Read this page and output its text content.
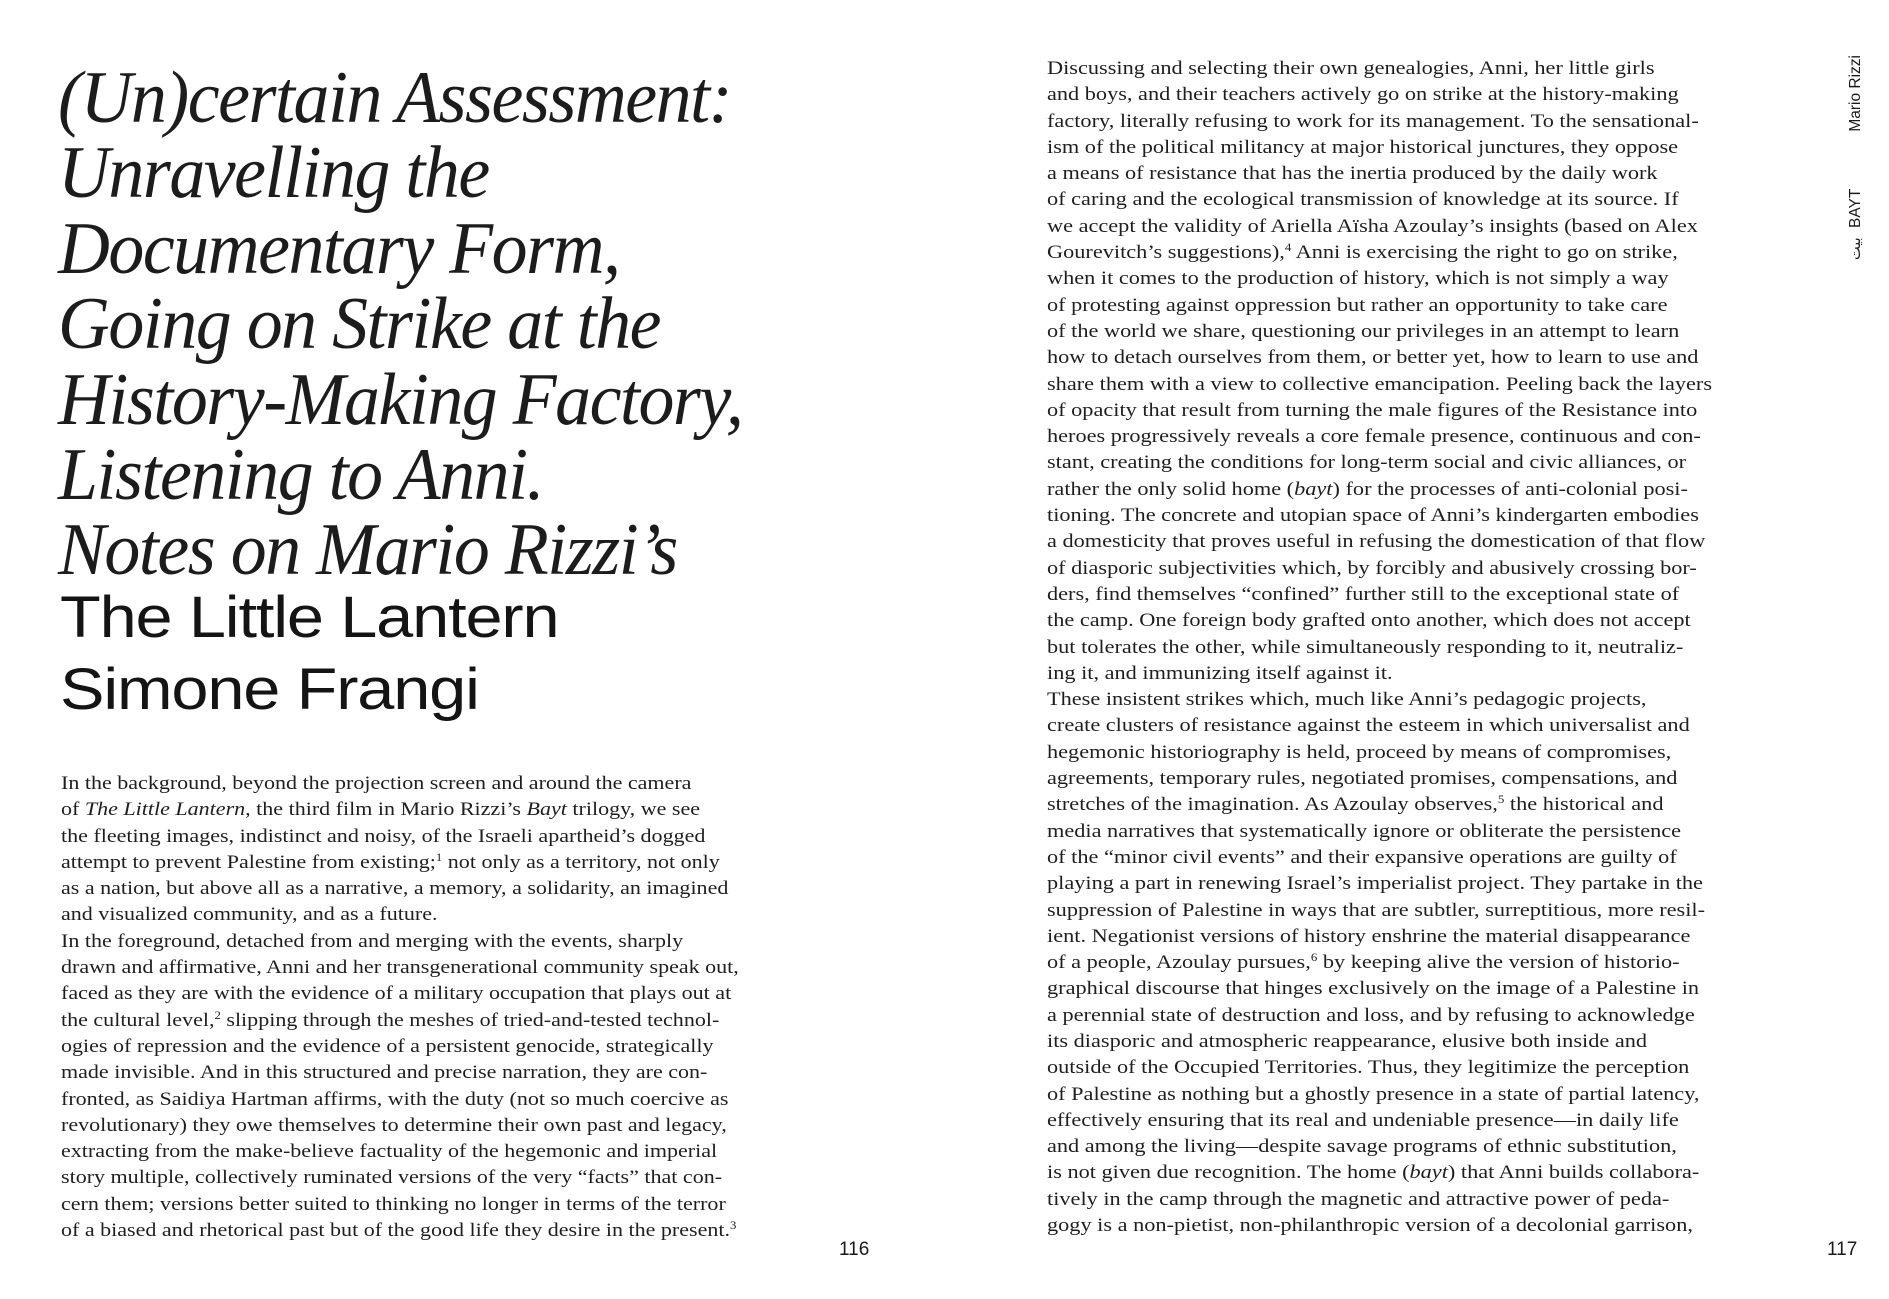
(Un)certain Assessment:
Unravelling the
Documentary Form,
Going on Strike at the
History-Making Factory,
Listening to Anni.
Notes on Mario Rizzi’s
The Little Lantern
Simone Frangi
In the background, beyond the projection screen and around the camera
of The Little Lantern, the third film in Mario Rizzi’s Bayt trilogy, we see
the fleeting images, indistinct and noisy, of the Israeli apartheid’s dogged
attempt to prevent Palestine from existing;$^1$ not only as a territory, not only
as a nation, but above all as a narrative, a memory, a solidarity, an imagined
and visualized community, and as a future.
In the foreground, detached from and merging with the events, sharply
drawn and affirmative, Anni and her transgenerational community speak out,
faced as they are with the evidence of a military occupation that plays out at
the cultural level,$^2$ slipping through the meshes of tried-and-tested technol-
ogies of repression and the evidence of a persistent genocide, strategically
made invisible. And in this structured and precise narration, they are con-
fronted, as Saidiya Hartman affirms, with the duty (not so much coercive as
revolutionary) they owe themselves to determine their own past and legacy,
extracting from the make-believe factuality of the hegemonic and imperial
story multiple, collectively ruminated versions of the very “facts” that con-
cern them; versions better suited to thinking no longer in terms of the terror
of a biased and rhetorical past but of the good life they desire in the present.$^3$
116
Discussing and selecting their own genealogies, Anni, her little girls
and boys, and their teachers actively go on strike at the history-making
factory, literally refusing to work for its management. To the sensational-
ism of the political militancy at major historical junctures, they oppose
a means of resistance that has the inertia produced by the daily work
of caring and the ecological transmission of knowledge at its source. If
we accept the validity of Ariella Aïsha Azoulay’s insights (based on Alex
Gourevitch’s suggestions),$^4$ Anni is exercising the right to go on strike,
when it comes to the production of history, which is not simply a way
of protesting against oppression but rather an opportunity to take care
of the world we share, questioning our privileges in an attempt to learn
how to detach ourselves from them, or better yet, how to learn to use and
share them with a view to collective emancipation. Peeling back the layers
of opacity that result from turning the male figures of the Resistance into
heroes progressively reveals a core female presence, continuous and con-
stant, creating the conditions for long-term social and civic alliances, or
rather the only solid home (bayt) for the processes of anti-colonial posi-
tioning. The concrete and utopian space of Anni’s kindergarten embodies
a domesticity that proves useful in refusing the domestication of that flow
of diasporic subjectivities which, by forcibly and abusively crossing bor-
ders, find themselves “confined” further still to the exceptional state of
the camp. One foreign body grafted onto another, which does not accept
but tolerates the other, while simultaneously responding to it, neutraliz-
ing it, and immunizing itself against it.
These insistent strikes which, much like Anni’s pedagogic projects,
create clusters of resistance against the esteem in which universalist and
hegemonic historiography is held, proceed by means of compromises,
agreements, temporary rules, negotiated promises, compensations, and
stretches of the imagination. As Azoulay observes,$^5$ the historical and
media narratives that systematically ignore or obliterate the persistence
of the “minor civil events” and their expansive operations are guilty of
playing a part in renewing Israel’s imperialist project. They partake in the
suppression of Palestine in ways that are subtler, surreptitious, more resil-
ient. Negationist versions of history enshrine the material disappearance
of a people, Azoulay pursues,$^6$ by keeping alive the version of historio-
graphical discourse that hinges exclusively on the image of a Palestine in
a perennial state of destruction and loss, and by refusing to acknowledge
its diasporic and atmospheric reappearance, elusive both inside and
outside of the Occupied Territories. Thus, they legitimize the perception
of Palestine as nothing but a ghostly presence in a state of partial latency,
effectively ensuring that its real and undeniable presence—in daily life
and among the living—despite savage programs of ethnic substitution,
is not given due recognition. The home (bayt) that Anni builds collabora-
tively in the camp through the magnetic and attractive power of peda-
gogy is a non-pietist, non-philanthropic version of a decolonial garrison,
Mario Rizzi
بيت
BAYT
117
